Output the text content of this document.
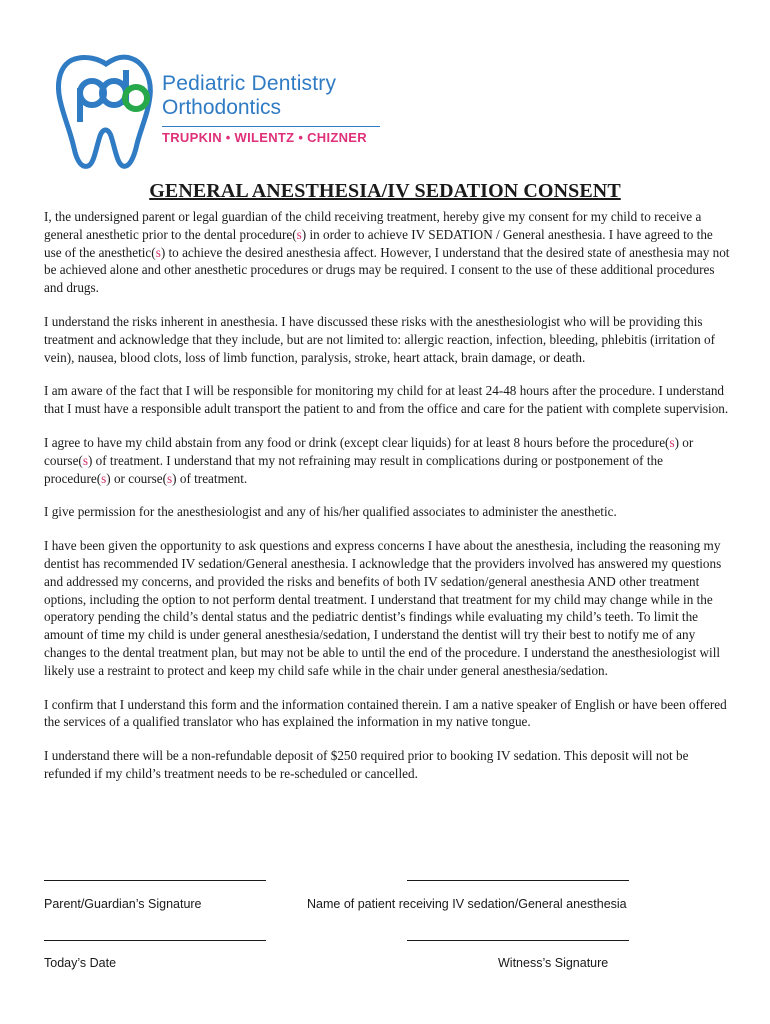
Pediatric Dentistry
Orthodontics
TRUPKIN • WILENTZ • CHIZNER
GENERAL ANESTHESIA/IV SEDATION CONSENT

I, the undersigned parent or legal guardian of the child receiving treatment, hereby give my consent for my child to receive a general anesthetic prior to the dental procedure(s) in order to achieve IV SEDATION / General anesthesia. I have agreed to the use of the anesthetic(s) to achieve the desired anesthesia affect. However, I understand that the desired state of anesthesia may not be achieved alone and other anesthetic procedures or drugs may be required. I consent to the use of these additional procedures and drugs.

I understand the risks inherent in anesthesia. I have discussed these risks with the anesthesiologist who will be providing this treatment and acknowledge that they include, but are not limited to: allergic reaction, infection, bleeding, phlebitis (irritation of vein), nausea, blood clots, loss of limb function, paralysis, stroke, heart attack, brain damage, or death.

I am aware of the fact that I will be responsible for monitoring my child for at least 24-48 hours after the procedure. I understand that I must have a responsible adult transport the patient to and from the office and care for the patient with complete supervision.

I agree to have my child abstain from any food or drink (except clear liquids) for at least 8 hours before the procedure(s) or course(s) of treatment. I understand that my not refraining may result in complications during or postponement of the procedure(s) or course(s) of treatment.

I give permission for the anesthesiologist and any of his/her qualified associates to administer the anesthetic.

I have been given the opportunity to ask questions and express concerns I have about the anesthesia, including the reasoning my dentist has recommended IV sedation/General anesthesia. I acknowledge that the providers involved has answered my questions and addressed my concerns, and provided the risks and benefits of both IV sedation/general anesthesia AND other treatment options, including the option to not perform dental treatment. I understand that treatment for my child may change while in the operatory pending the child’s dental status and the pediatric dentist’s findings while evaluating my child’s teeth. To limit the amount of time my child is under general anesthesia/sedation, I understand the dentist will try their best to notify me of any changes to the dental treatment plan, but may not be able to until the end of the procedure. I understand the anesthesiologist will likely use a restraint to protect and keep my child safe while in the chair under general anesthesia/sedation.

I confirm that I understand this form and the information contained therein. I am a native speaker of English or have been offered the services of a qualified translator who has explained the information in my native tongue.

I understand there will be a non-refundable deposit of $250 required prior to booking IV sedation. This deposit will not be refunded if my child’s treatment needs to be re-scheduled or cancelled.

Parent/Guardian’s Signature	Name of patient receiving IV sedation/General anesthesia
Today’s Date	Witness’s Signature
